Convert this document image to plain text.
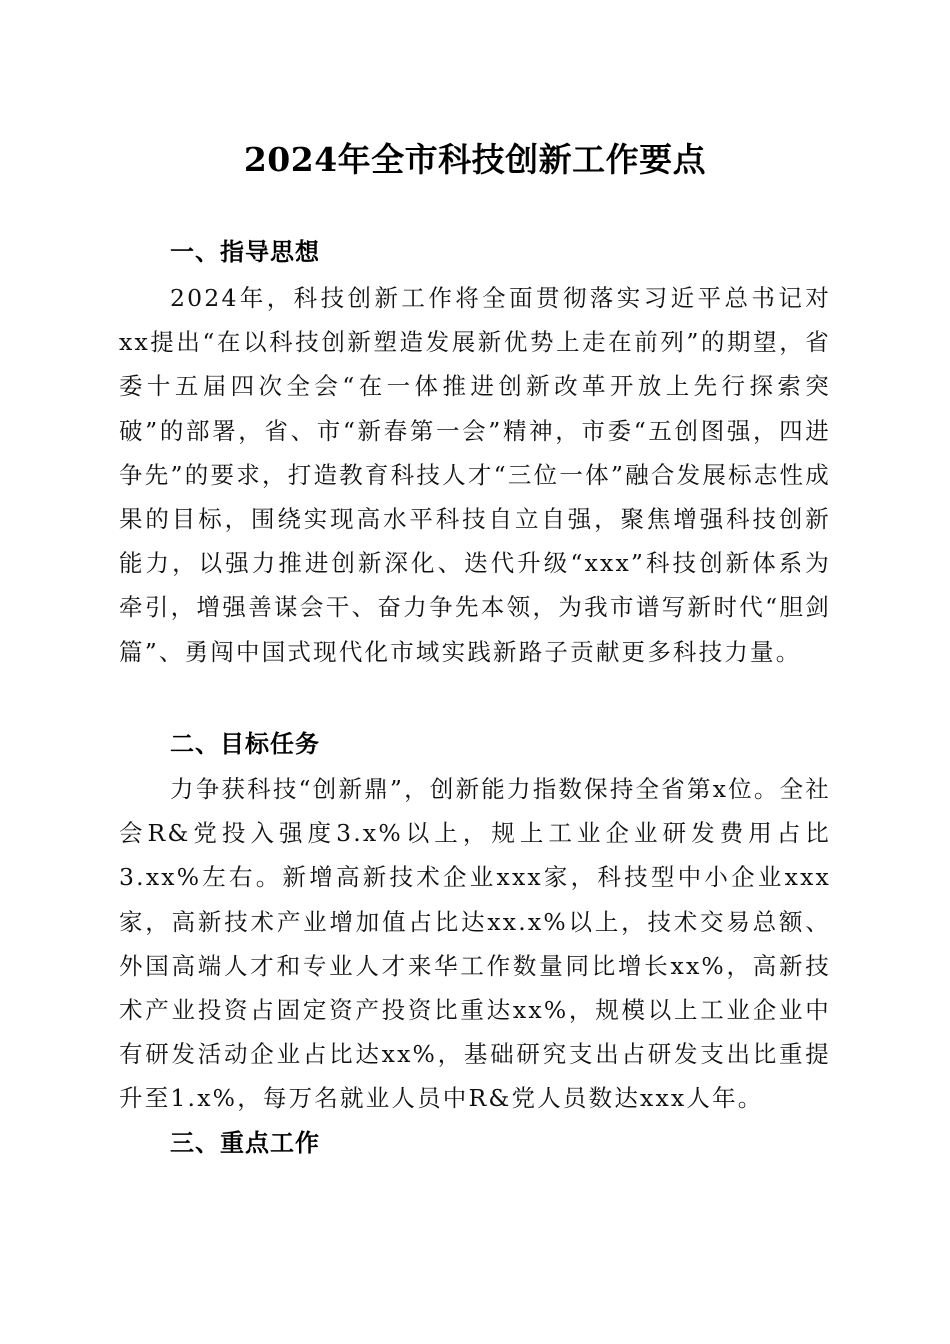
2024年全市科技创新工作要点
一、指导思想
2024年，科技创新工作将全面贯彻落实习近平总书记对xx提出“在以科技创新塑造发展新优势上走在前列”的期望，省委十五届四次全会“在一体推进创新改革开放上先行探索突破”的部署，省、市“新春第一会”精神，市委“五创图强，四进争先”的要求，打造教育科技人才“三位一体”融合发展标志性成果的目标，围绕实现高水平科技自立自强，聚焦增强科技创新能力，以强力推进创新深化、迭代升级“xxx”科技创新体系为牵引，增强善谋会干、奋力争先本领，为我市谱写新时代“胆剑篇”、勇闯中国式现代化市域实践新路子贡献更多科技力量。
二、目标任务
力争获科技“创新鼎”，创新能力指数保持全省第x位。全社会R&党投入强度3.x%以上，规上工业企业研发费用占比3.xx%左右。新增高新技术企业xxx家，科技型中小企业xxx家，高新技术产业增加值占比达xx.x%以上，技术交易总额、外国高端人才和专业人才来华工作数量同比增长xx%，高新技术产业投资占固定资产投资比重达xx%，规模以上工业企业中有研发活动企业占比达xx%，基础研究支出占研发支出比重提升至1.x%，每万名就业人员中R&党人员数达xxx人年。
三、重点工作
